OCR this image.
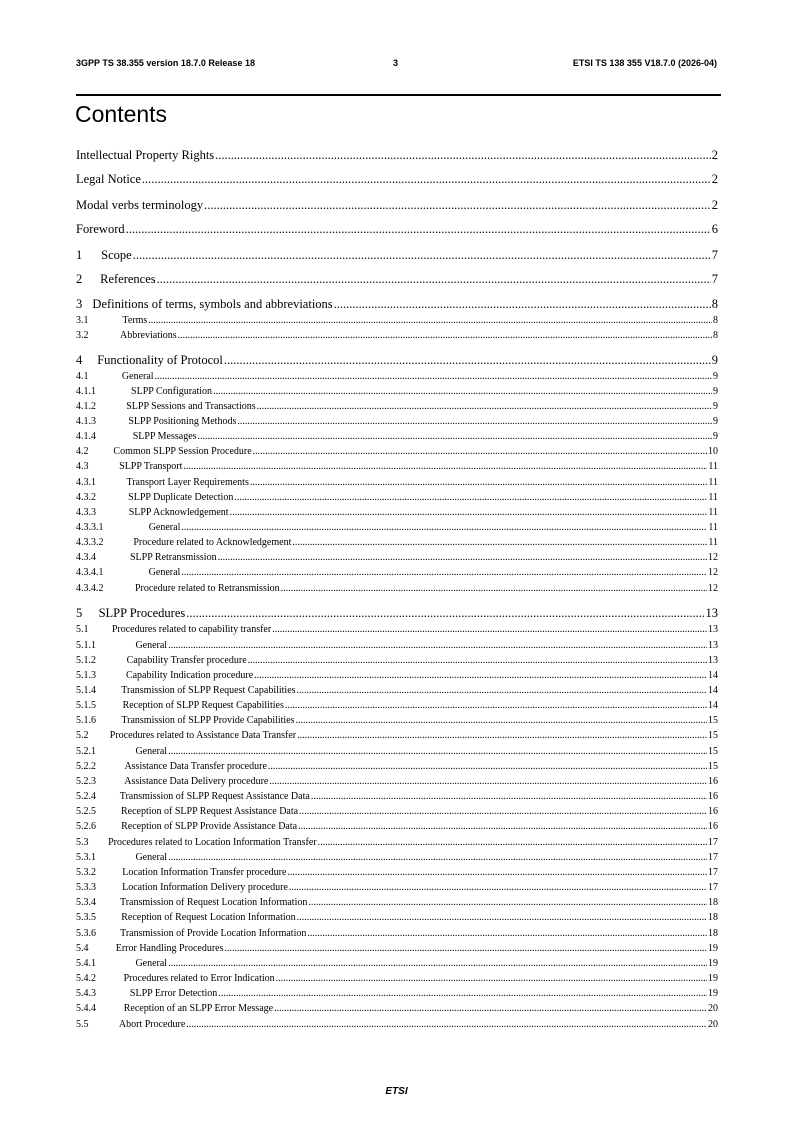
3GPP TS 38.355 version 18.7.0 Release 18	3	ETSI TS 138 355 V18.7.0 (2026-04)
Contents
Intellectual Property Rights .....	2
Legal Notice .....	2
Modal verbs terminology .....	2
Foreword .....	6
1	Scope .....	7
2	References .....	7
3 Definitions of terms, symbols and abbreviations .....	8
3.1	Terms .....	8
3.2	Abbreviations .....	8
4	Functionality of Protocol .....	9
4.1	General .....	9
4.1.1	SLPP Configuration .....	9
4.1.2	SLPP Sessions and Transactions .....	9
4.1.3	SLPP Positioning Methods .....	9
4.1.4	SLPP Messages .....	9
4.2	Common SLPP Session Procedure .....	10
4.3	SLPP Transport .....	11
4.3.1	Transport Layer Requirements .....	11
4.3.2	SLPP Duplicate Detection .....	11
4.3.3	SLPP Acknowledgement .....	11
4.3.3.1	General .....	11
4.3.3.2	Procedure related to Acknowledgement .....	11
4.3.4	SLPP Retransmission .....	12
4.3.4.1	General .....	12
4.3.4.2	Procedure related to Retransmission .....	12
5	SLPP Procedures .....	13
5.1	Procedures related to capability transfer .....	13
5.1.1	General .....	13
5.1.2	Capability Transfer procedure .....	13
5.1.3	Capability Indication procedure .....	14
5.1.4	Transmission of SLPP Request Capabilities .....	14
5.1.5	Reception of SLPP Request Capabilities .....	14
5.1.6	Transmission of SLPP Provide Capabilities .....	15
5.2	Procedures related to Assistance Data Transfer .....	15
5.2.1	General .....	15
5.2.2	Assistance Data Transfer procedure .....	15
5.2.3	Assistance Data Delivery procedure .....	16
5.2.4	Transmission of SLPP Request Assistance Data .....	16
5.2.5	Reception of SLPP Request Assistance Data .....	16
5.2.6	Reception of SLPP Provide Assistance Data .....	16
5.3	Procedures related to Location Information Transfer .....	17
5.3.1	General .....	17
5.3.2	Location Information Transfer procedure .....	17
5.3.3	Location Information Delivery procedure .....	17
5.3.4	Transmission of Request Location Information .....	18
5.3.5	Reception of Request Location Information .....	18
5.3.6	Transmission of Provide Location Information .....	18
5.4	Error Handling Procedures .....	19
5.4.1	General .....	19
5.4.2	Procedures related to Error Indication .....	19
5.4.3	SLPP Error Detection .....	19
5.4.4	Reception of an SLPP Error Message .....	20
5.5	Abort Procedure .....	20
ETSI
